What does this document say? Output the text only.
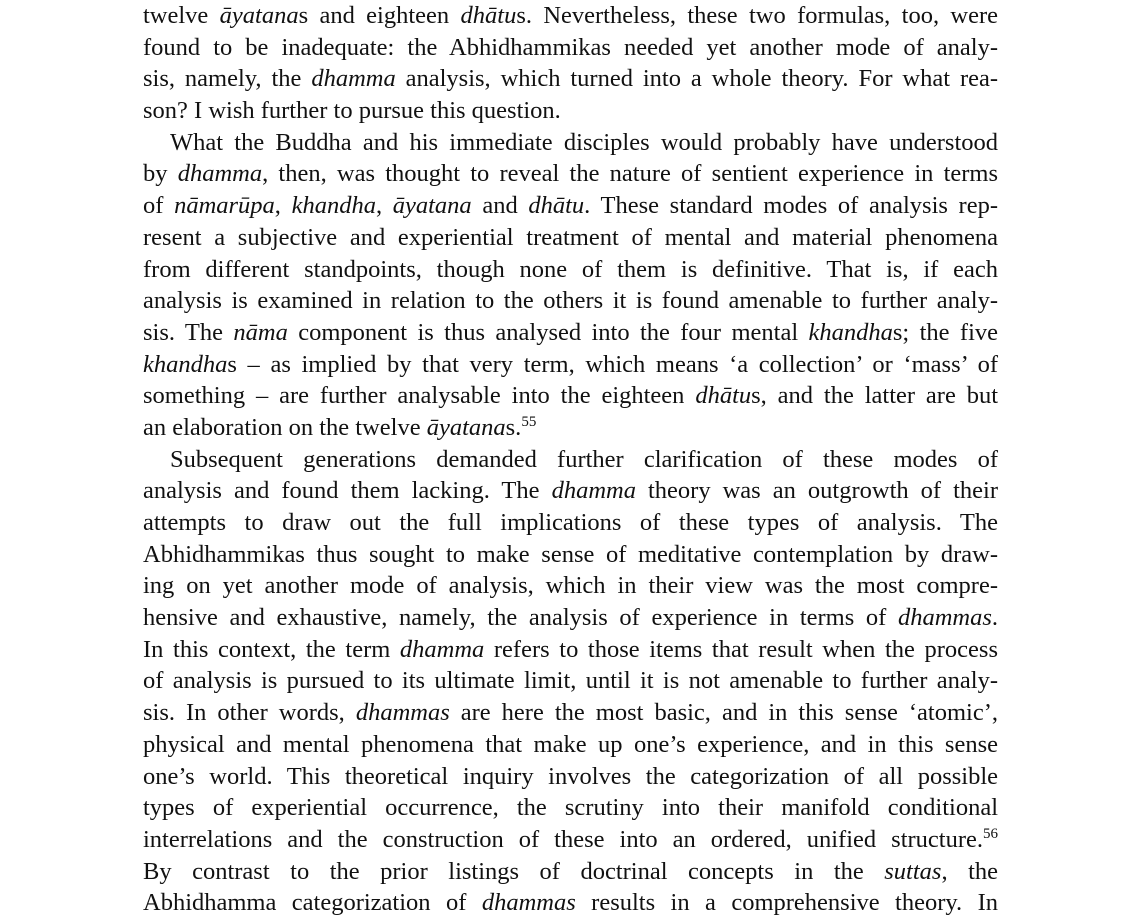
twelve āyatanas and eighteen dhātus. Nevertheless, these two formulas, too, were
found to be inadequate: the Abhidhammikas needed yet another mode of analy-
sis, namely, the dhamma analysis, which turned into a whole theory. For what rea-
son? I wish further to pursue this question.
What the Buddha and his immediate disciples would probably have understood
by dhamma, then, was thought to reveal the nature of sentient experience in terms
of nāmarūpa, khandha, āyatana and dhātu. These standard modes of analysis rep-
resent a subjective and experiential treatment of mental and material phenomena
from different standpoints, though none of them is definitive. That is, if each
analysis is examined in relation to the others it is found amenable to further analy-
sis. The nāma component is thus analysed into the four mental khandhas; the five
khandhas – as implied by that very term, which means ‘a collection’ or ‘mass’ of
something – are further analysable into the eighteen dhātus, and the latter are but
an elaboration on the twelve āyatanas.$^{55}$
Subsequent generations demanded further clarification of these modes of
analysis and found them lacking. The dhamma theory was an outgrowth of their
attempts to draw out the full implications of these types of analysis. The
Abhidhammikas thus sought to make sense of meditative contemplation by draw-
ing on yet another mode of analysis, which in their view was the most compre-
hensive and exhaustive, namely, the analysis of experience in terms of dhammas.
In this context, the term dhamma refers to those items that result when the process
of analysis is pursued to its ultimate limit, until it is not amenable to further analy-
sis. In other words, dhammas are here the most basic, and in this sense ‘atomic’,
physical and mental phenomena that make up one’s experience, and in this sense
one’s world. This theoretical inquiry involves the categorization of all possible
types of experiential occurrence, the scrutiny into their manifold conditional
interrelations and the construction of these into an ordered, unified structure.$^{56}$
By contrast to the prior listings of doctrinal concepts in the suttas, the
Abhidhamma categorization of dhammas results in a comprehensive theory. In
